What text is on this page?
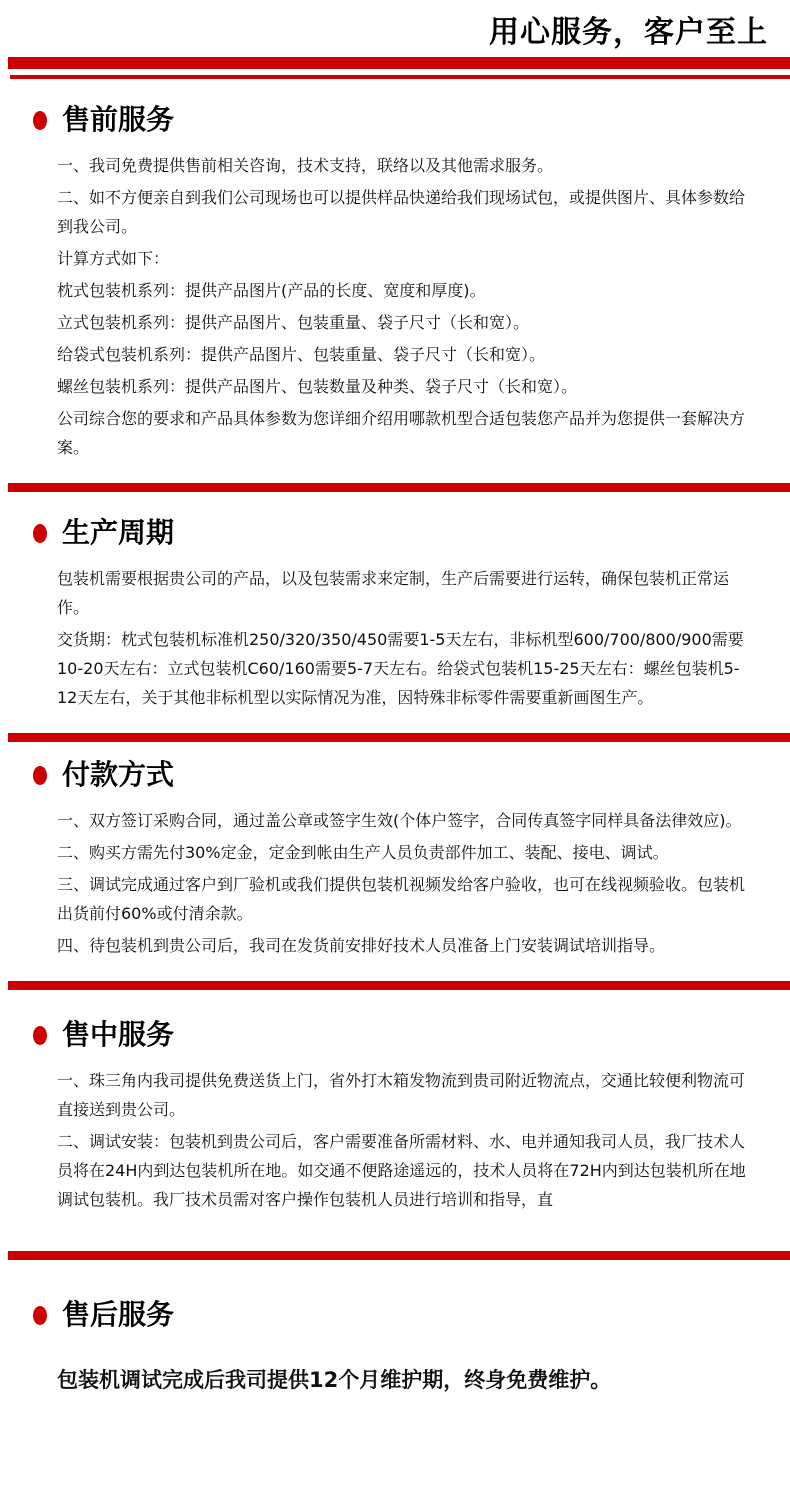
用心服务，客户至上
售前服务

一、我司免费提供售前相关咨询，技术支持，联络以及其他需求服务。

二、如不方便亲自到我们公司现场也可以提供样品快递给我们现场试包，或提供图片、具体参数给到我公司。

计算方式如下：

枕式包装机系列：提供产品图片(产品的长度、宽度和厚度)。

立式包装机系列：提供产品图片、包装重量、袋子尺寸（长和宽）。

给袋式包装机系列：提供产品图片、包装重量、袋子尺寸（长和宽）。

螺丝包装机系列：提供产品图片、包装数量及种类、袋子尺寸（长和宽）。

公司综合您的要求和产品具体参数为您详细介绍用哪款机型合适包装您产品并为您提供一套解决方案。

生产周期

包装机需要根据贵公司的产品，以及包装需求来定制，生产后需要进行运转，确保包装机正常运作。

交货期：枕式包装机标准机250/320/350/450需要1-5天左右，非标机型600/700/800/900需要10-20天左右：立式包装机C60/160需要5-7天左右。给袋式包装机15-25天左右：螺丝包装机5-12天左右，关于其他非标机型以实际情况为准，因特殊非标零件需要重新画图生产。

付款方式

一、双方签订采购合同，通过盖公章或签字生效(个体户签字，合同传真签字同样具备法律效应)。

二、购买方需先付30%定金，定金到帐由生产人员负责部件加工、装配、接电、调试。

三、调试完成通过客户到厂验机或我们提供包装机视频发给客户验收，也可在线视频验收。包装机出货前付60%或付清余款。

四、待包装机到贵公司后，我司在发货前安排好技术人员准备上门安装调试培训指导。

售中服务

一、珠三角内我司提供免费送货上门，省外打木箱发物流到贵司附近物流点，交通比较便利物流可直接送到贵公司。

二、调试安装：包装机到贵公司后，客户需要准备所需材料、水、电并通知我司人员，我厂技术人员将在24H内到达包装机所在地。如交通不便路途遥远的，技术人员将在72H内到达包装机所在地调试包装机。我厂技术员需对客户操作包装机人员进行培训和指导，直

售后服务

包装机调试完成后我司提供12个月维护期，终身免费维护。
